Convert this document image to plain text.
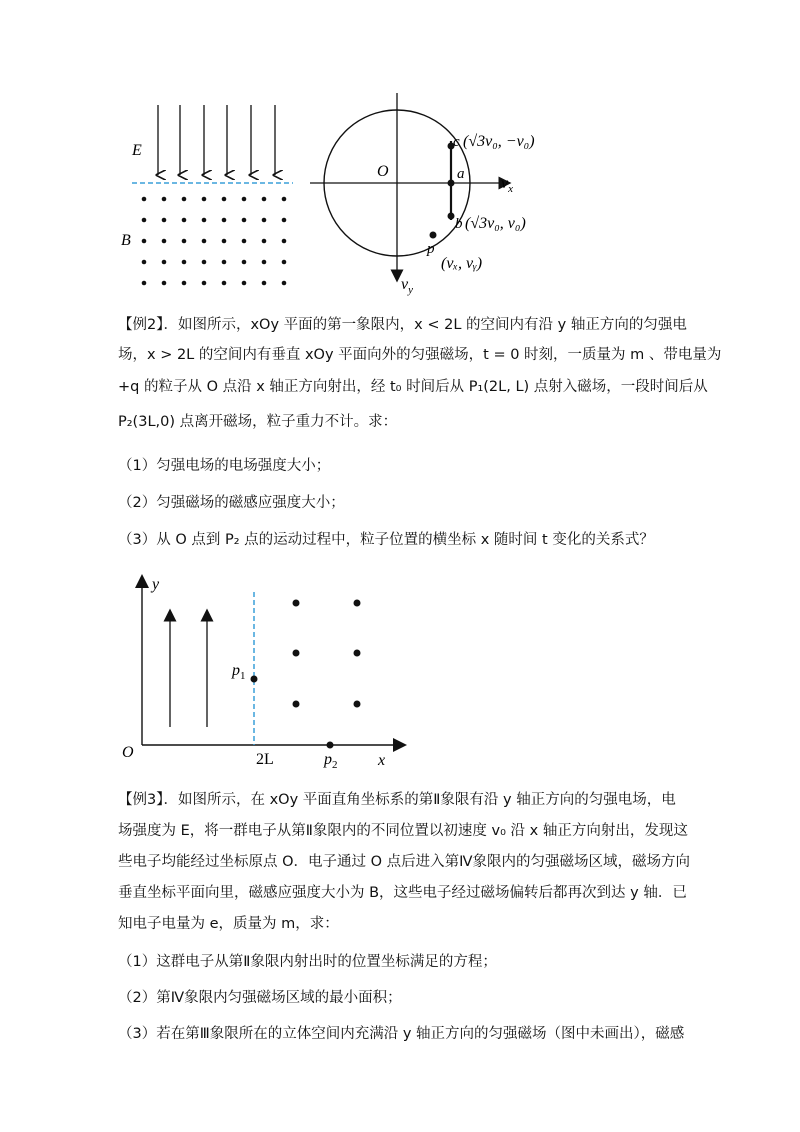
E
B
O	a
$v_x$
$v_y$
c (√3v₀, −v₀)
b (√3v₀, v₀)
p
(vₓ, vᵧ)
【例2】．如图所示，xOy 平面的第一象限内，x < 2L 的空间内有沿 y 轴正方向的匀强电
场，x > 2L 的空间内有垂直 xOy 平面向外的匀强磁场，t = 0 时刻，一质量为 m 、带电量为
+q 的粒子从 O 点沿 x 轴正方向射出，经 t₀ 时间后从 P₁(2L, L) 点射入磁场，一段时间后从
P₂(3L,0) 点离开磁场，粒子重力不计。求：
（1）匀强电场的电场强度大小；
（2）匀强磁场的磁感应强度大小；
（3）从 O 点到 P₂ 点的运动过程中，粒子位置的横坐标 x 随时间 t 变化的关系式？
y
x
O	2L
$p_1$
$p_2$
【例3】．如图所示，在 xOy 平面直角坐标系的第Ⅱ象限有沿 y 轴正方向的匀强电场，电
场强度为 E，将一群电子从第Ⅱ象限内的不同位置以初速度 v₀ 沿 x 轴正方向射出，发现这
些电子均能经过坐标原点 O．电子通过 O 点后进入第Ⅳ象限内的匀强磁场区域，磁场方向
垂直坐标平面向里，磁感应强度大小为 B，这些电子经过磁场偏转后都再次到达 y 轴．已
知电子电量为 e，质量为 m，求：
（1）这群电子从第Ⅱ象限内射出时的位置坐标满足的方程；
（2）第Ⅳ象限内匀强磁场区域的最小面积；
（3）若在第Ⅲ象限所在的立体空间内充满沿 y 轴正方向的匀强磁场（图中未画出），磁感
